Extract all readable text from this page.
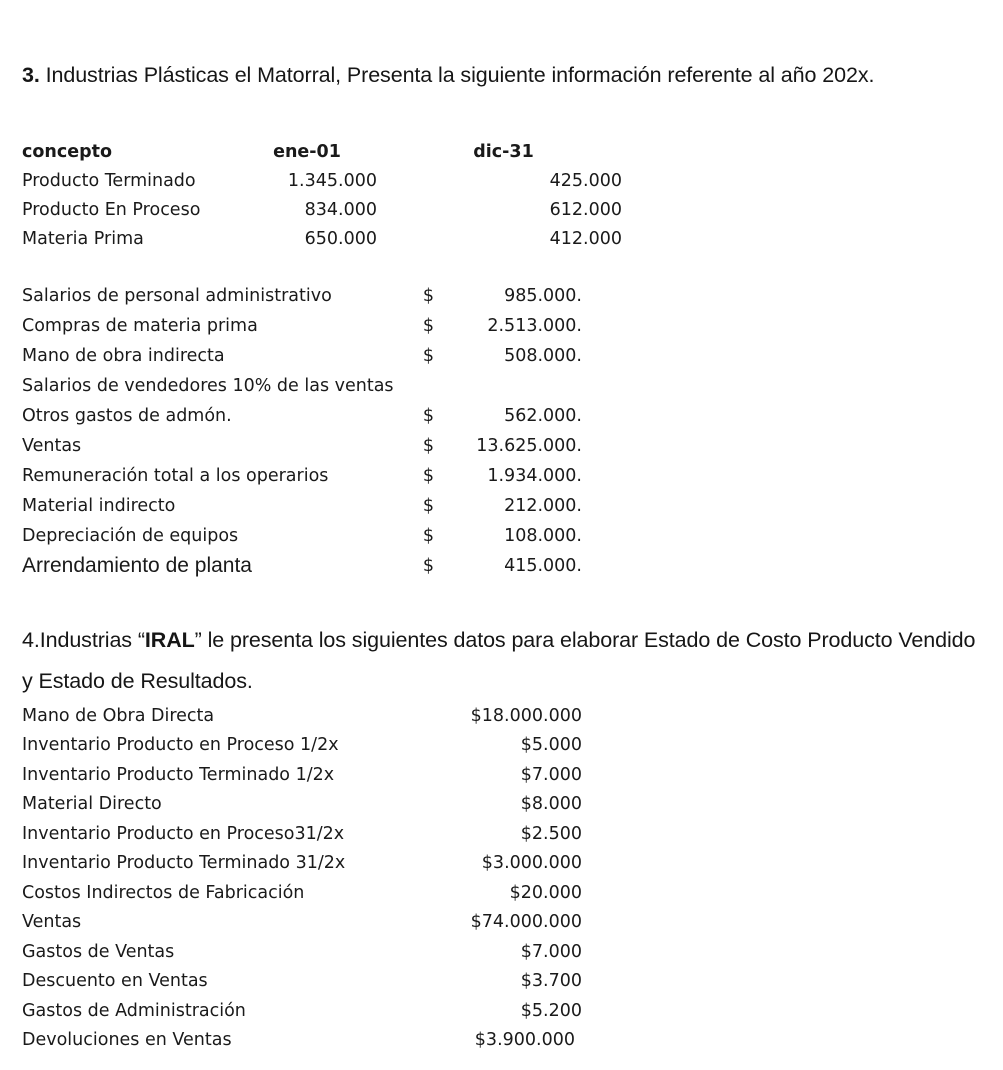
3. Industrias Plásticas el Matorral, Presenta la siguiente información referente al año 202x.

concepto	ene-01	dic-31
Producto Terminado	1.345.000	425.000
Producto En Proceso	834.000	612.000
Materia Prima	650.000	412.000
Salarios de personal administrativo	$	985.000.
Compras de materia prima	$	2.513.000.
Mano de obra indirecta	$	508.000.
Salarios de vendedores 10% de las ventas		
Otros gastos de admón.	$	562.000.
Ventas	$	13.625.000.
Remuneración total a los operarios	$	1.934.000.
Material indirecto	$	212.000.
Depreciación de equipos	$	108.000.
Arrendamiento de planta	$	415.000.

4.Industrias “IRAL” le presenta los siguientes datos para elaborar Estado de Costo Producto Vendido y Estado de Resultados.

Mano de Obra Directa	$18.000.000
Inventario Producto en Proceso 1/2x	$5.000
Inventario Producto Terminado 1/2x	$7.000
Material Directo	$8.000
Inventario Producto en Proceso31/2x	$2.500
Inventario Producto Terminado 31/2x	$3.000.000
Costos Indirectos de Fabricación	$20.000
Ventas	$74.000.000
Gastos de Ventas	$7.000
Descuento en Ventas	$3.700
Gastos de Administración	$5.200
Devoluciones en Ventas	$3.900.000
